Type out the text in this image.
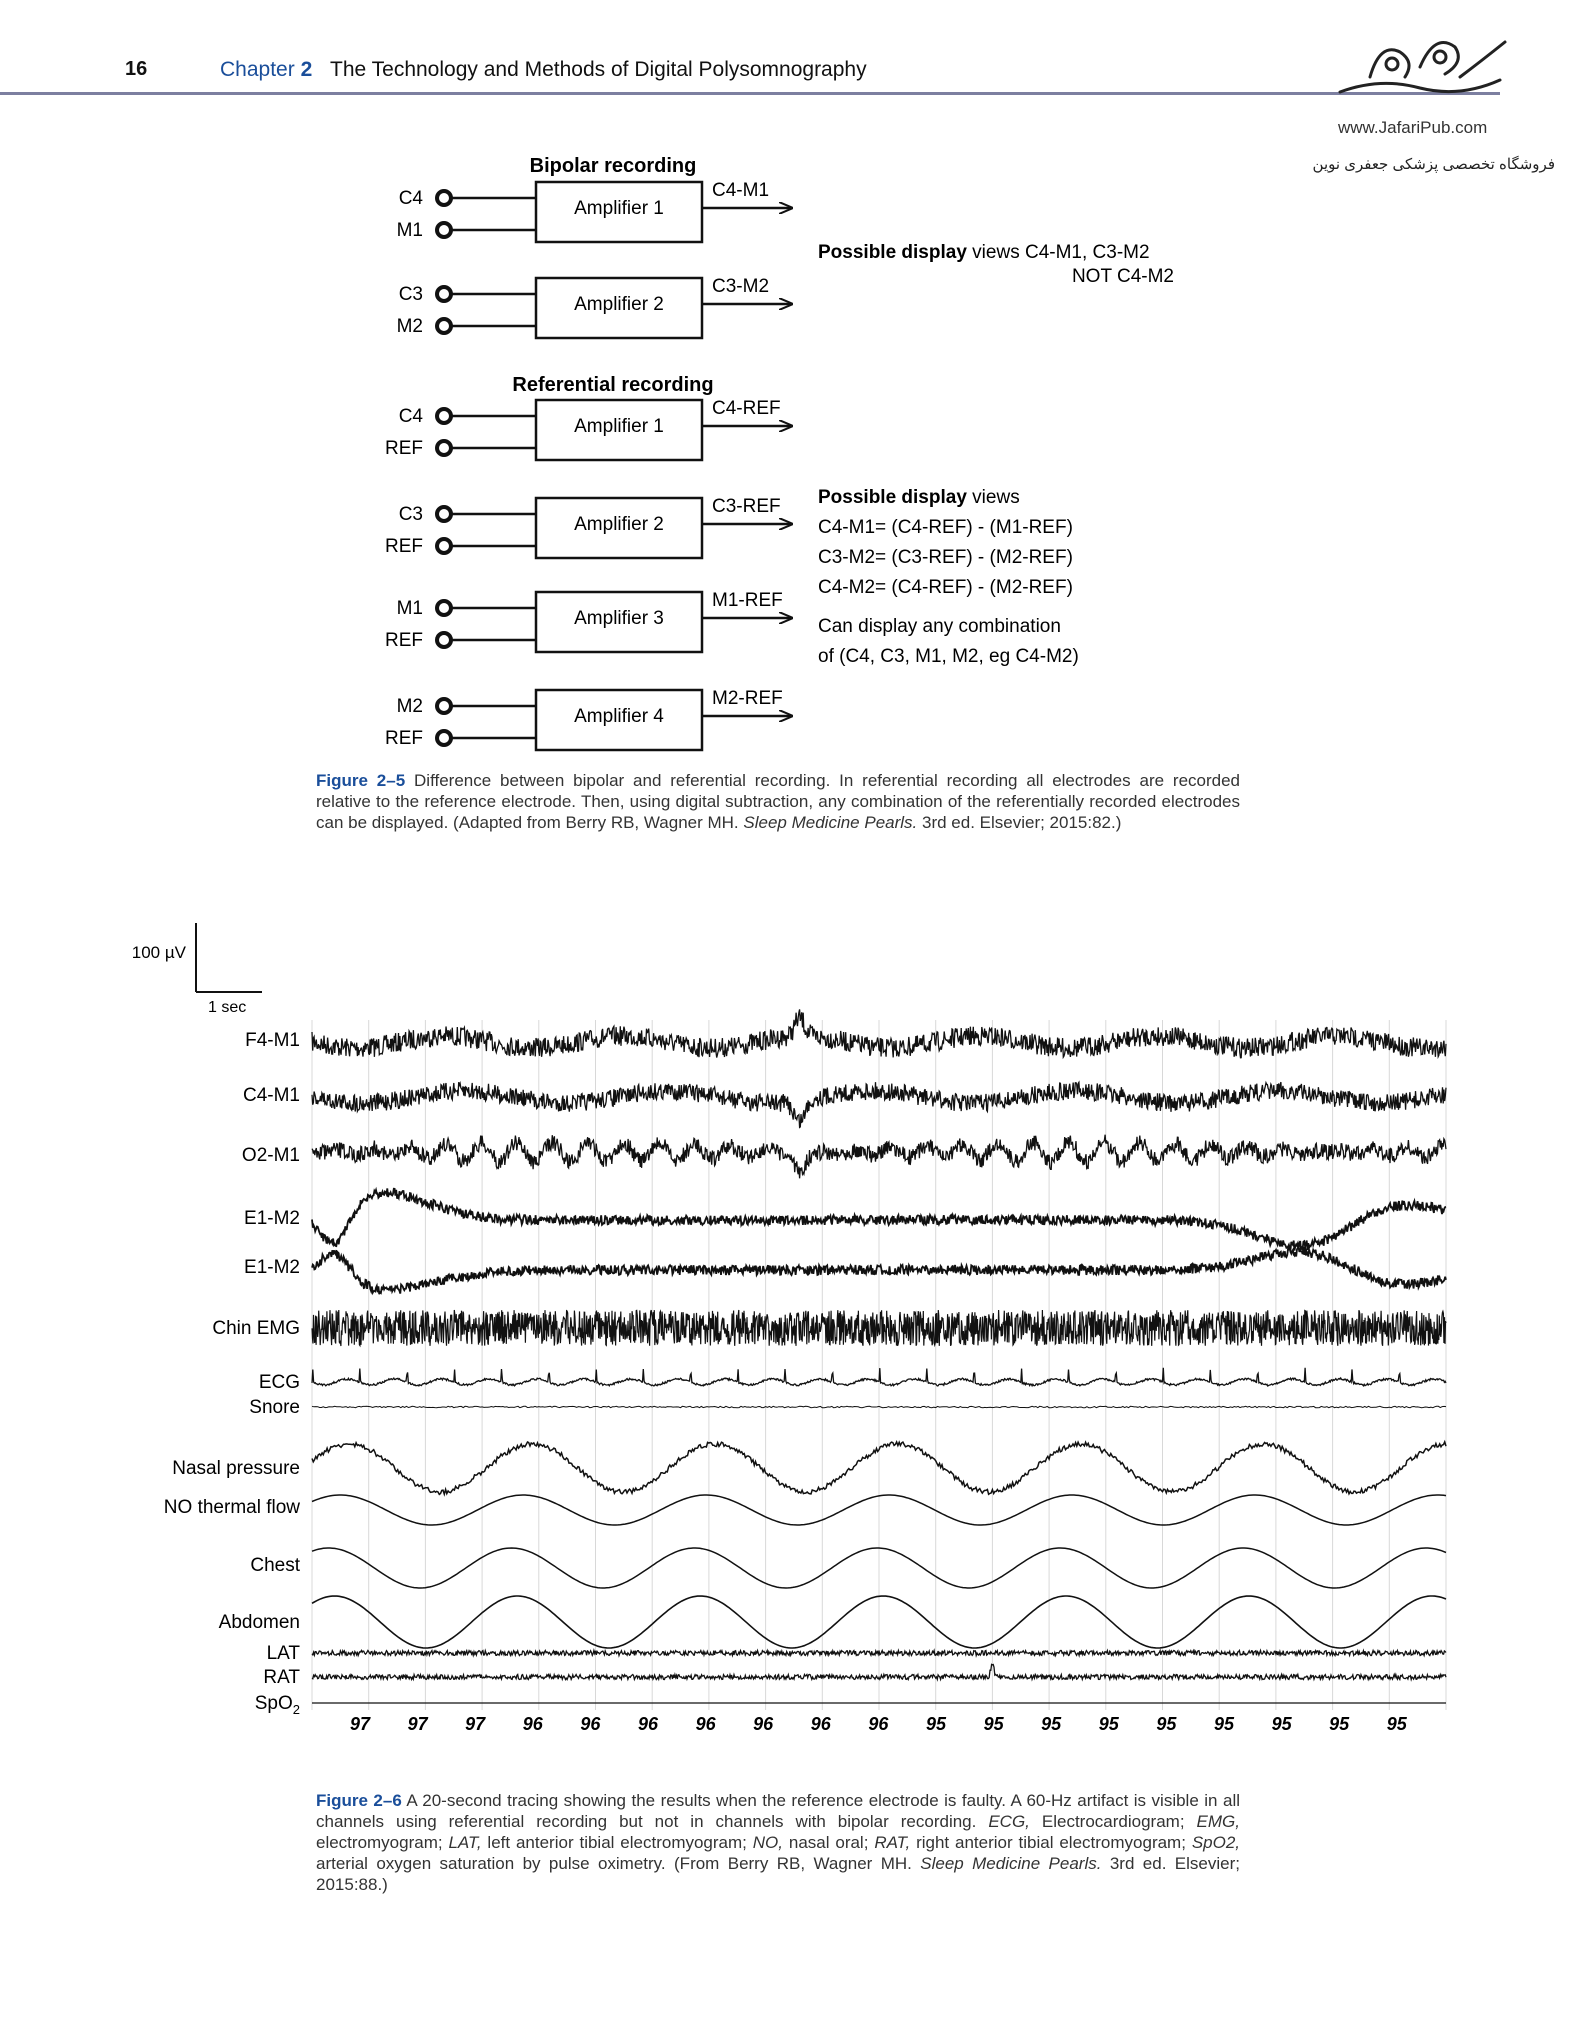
16	Chapter 2 The Technology and Methods of Digital Polysomnography
www.JafariPub.com
فروشگاه تخصصی پزشکی جعفری نوین
Bipolar recording
Referential recording
C4
M1
Amplifier 1
C4-M1
C3
M2
Amplifier 2
C3-M2
C4
REF
Amplifier 1
C4-REF
C3
REF
Amplifier 2
C3-REF
M1
REF
Amplifier 3
M1-REF
M2
REF
Amplifier 4
M2-REF
Possible display views C4-M1, C3-M2
NOT C4-M2
Possible display views
C4-M1= (C4-REF) - (M1-REF)
C3-M2= (C3-REF) - (M2-REF)
C4-M2= (C4-REF) - (M2-REF)
Can display any combination
of (C4, C3, M1, M2, eg C4-M2)
Figure 2–5 Difference between bipolar and referential recording. In referential recording all electrodes are recorded relative to the reference electrode. Then, using digital subtraction, any combination of the referentially recorded electrodes can be displayed. (Adapted from Berry RB, Wagner MH. Sleep Medicine Pearls. 3rd ed. Elsevier; 2015:82.)
100 µV
1 sec
F4-M1
C4-M1
O2-M1
E1-M2
E1-M2
Chin EMG
ECG
Snore
Nasal pressure
NO thermal flow
Chest
Abdomen
LAT
RAT
SpO$_2$
97 97 97 96 96 96 96 96 96 96 95 95 95 95 95 95 95 95 95
Figure 2–6 A 20-second tracing showing the results when the reference electrode is faulty. A 60-Hz artifact is visible in all channels using referential recording but not in channels with bipolar recording. ECG, Electrocardiogram; EMG, electromyogram; LAT, left anterior tibial electromyogram; NO, nasal oral; RAT, right anterior tibial electromyogram; SpO2, arterial oxygen saturation by pulse oximetry. (From Berry RB, Wagner MH. Sleep Medicine Pearls. 3rd ed. Elsevier; 2015:88.)
